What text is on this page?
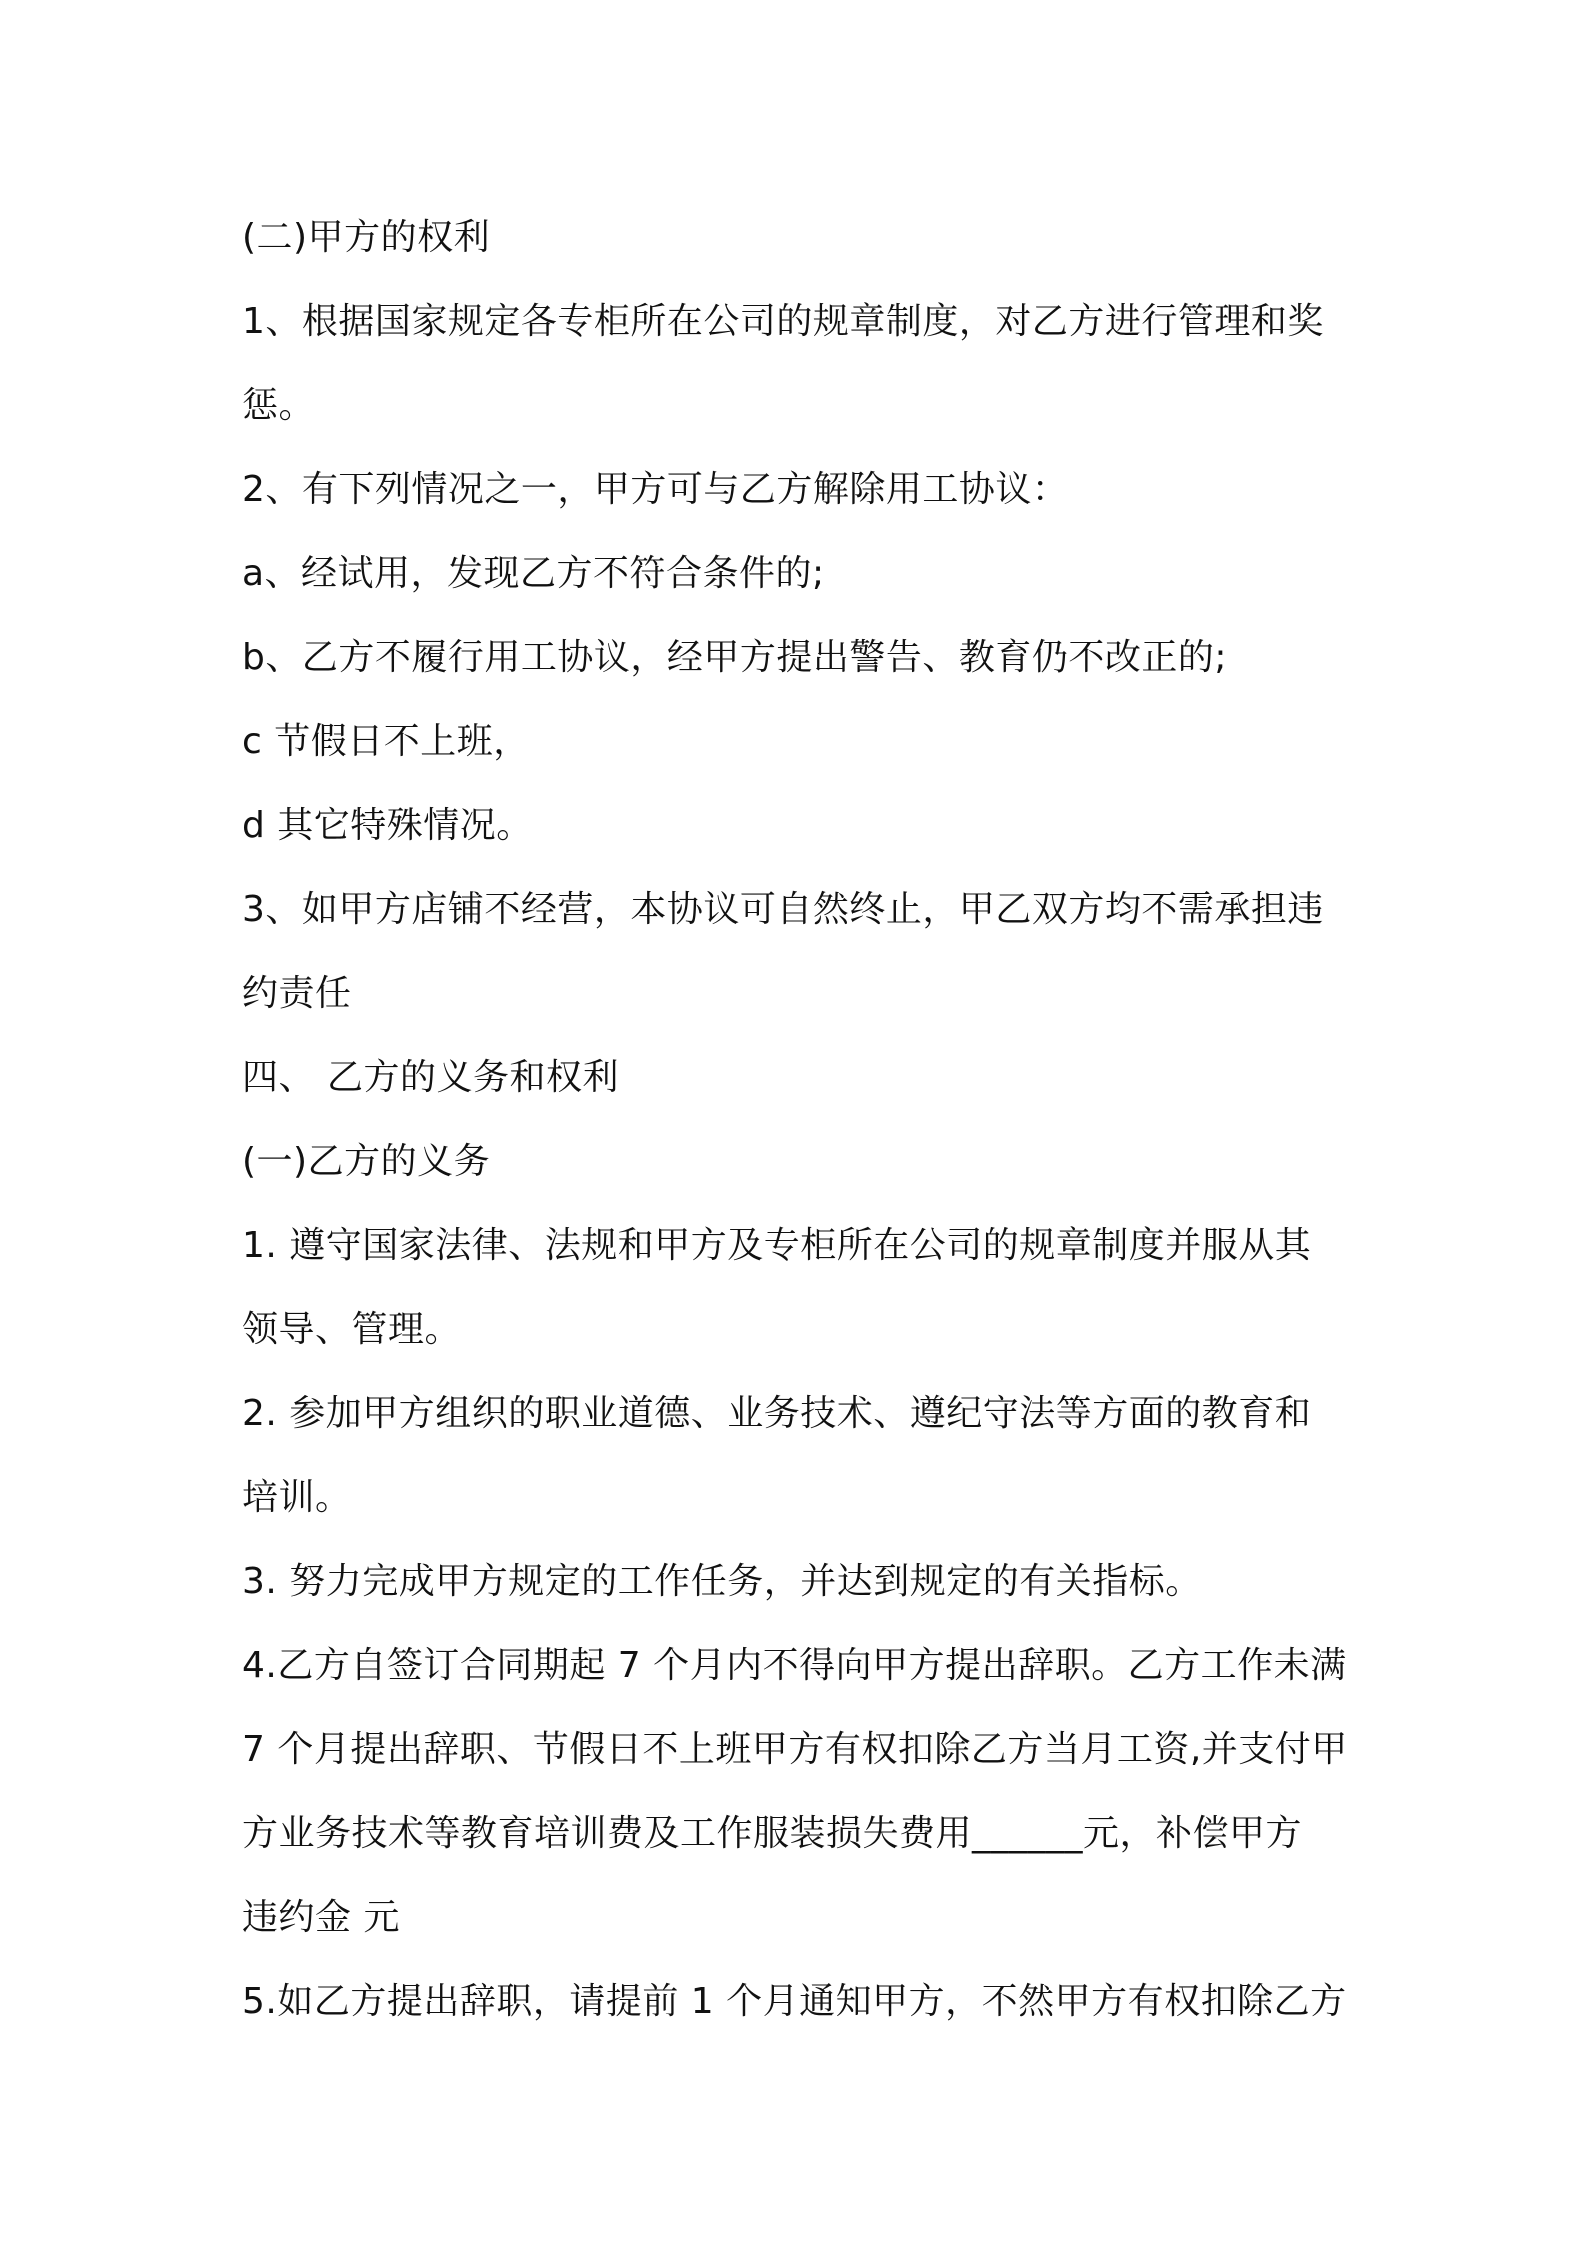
(二)甲方的权利
1、根据国家规定各专柜所在公司的规章制度，对乙方进行管理和奖
惩。
2、有下列情况之一，甲方可与乙方解除用工协议：
a、经试用，发现乙方不符合条件的;
b、乙方不履行用工协议，经甲方提出警告、教育仍不改正的;
c 节假日不上班，
d 其它特殊情况。
3、如甲方店铺不经营，本协议可自然终止，甲乙双方均不需承担违
约责任
四、 乙方的义务和权利
(一)乙方的义务
1. 遵守国家法律、法规和甲方及专柜所在公司的规章制度并服从其
领导、管理。
2. 参加甲方组织的职业道德、业务技术、遵纪守法等方面的教育和
培训。
3. 努力完成甲方规定的工作任务，并达到规定的有关指标。
4.乙方自签订合同期起 7 个月内不得向甲方提出辞职。乙方工作未满
7 个月提出辞职、节假日不上班甲方有权扣除乙方当月工资,并支付甲
方业务技术等教育培训费及工作服装损失费用______元，补偿甲方
违约金 元
5.如乙方提出辞职，请提前 1 个月通知甲方，不然甲方有权扣除乙方
